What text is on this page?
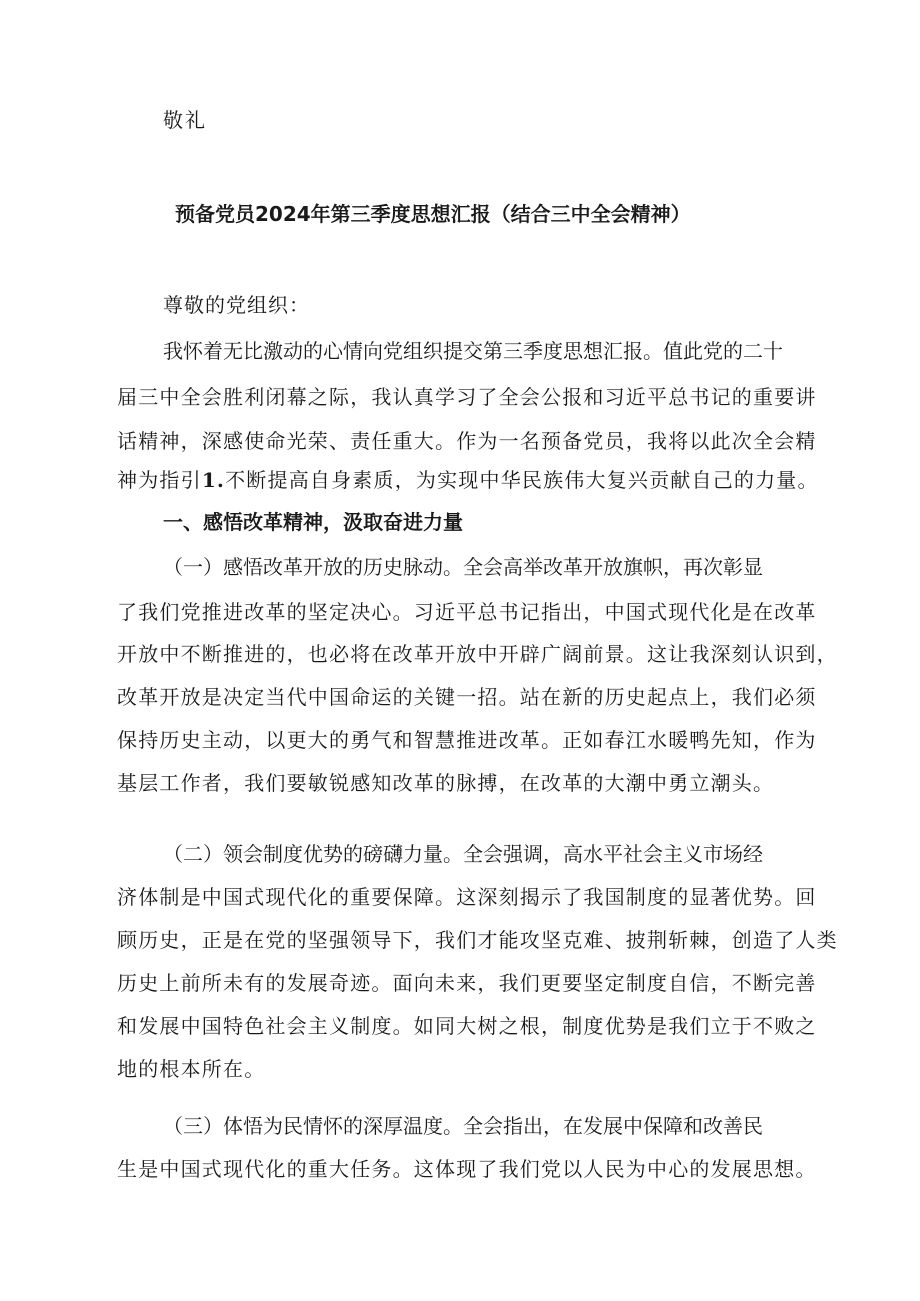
敬礼
预备党员2024年第三季度思想汇报（结合三中全会精神）
尊敬的党组织：
我怀着无比激动的心情向党组织提交第三季度思想汇报。值此党的二十
届三中全会胜利闭幕之际，我认真学习了全会公报和习近平总书记的重要讲
话精神，深感使命光荣、责任重大。作为一名预备党员，我将以此次全会精
神为指引1.不断提高自身素质，为实现中华民族伟大复兴贡献自己的力量。
一、感悟改革精神，汲取奋进力量
（一）感悟改革开放的历史脉动。全会高举改革开放旗帜，再次彰显
了我们党推进改革的坚定决心。习近平总书记指出，中国式现代化是在改革
开放中不断推进的，也必将在改革开放中开辟广阔前景。这让我深刻认识到，
改革开放是决定当代中国命运的关键一招。站在新的历史起点上，我们必须
保持历史主动，以更大的勇气和智慧推进改革。正如春江水暖鸭先知，作为
基层工作者，我们要敏锐感知改革的脉搏，在改革的大潮中勇立潮头。
（二）领会制度优势的磅礴力量。全会强调，高水平社会主义市场经
济体制是中国式现代化的重要保障。这深刻揭示了我国制度的显著优势。回
顾历史，正是在党的坚强领导下，我们才能攻坚克难、披荆斩棘，创造了人类
历史上前所未有的发展奇迹。面向未来，我们更要坚定制度自信，不断完善
和发展中国特色社会主义制度。如同大树之根，制度优势是我们立于不败之
地的根本所在。
（三）体悟为民情怀的深厚温度。全会指出，在发展中保障和改善民
生是中国式现代化的重大任务。这体现了我们党以人民为中心的发展思想。
